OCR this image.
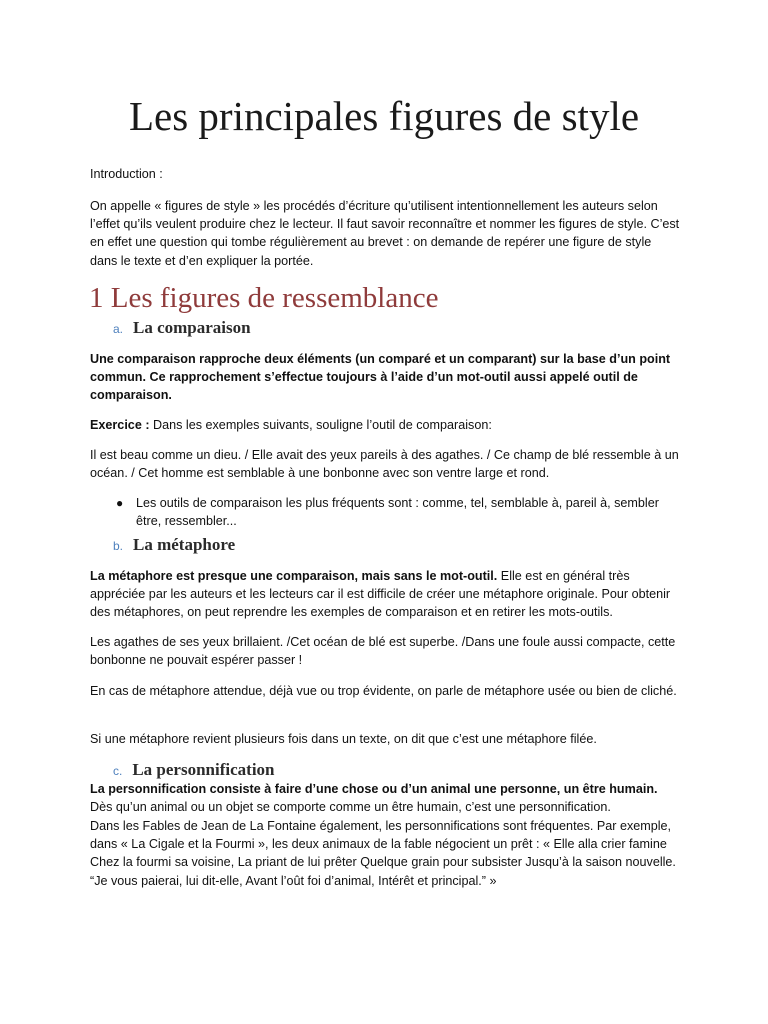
Les principales figures de style

Introduction :

On appelle « figures de style » les procédés d’écriture qu’utilisent intentionnellement les auteurs selon l’effet qu’ils veulent produire chez le lecteur. Il faut savoir reconnaître et nommer les figures de style. C’est en effet une question qui tombe régulièrement au brevet : on demande de repérer une figure de style dans le texte et d’en expliquer la portée.

1 Les figures de ressemblance
a. La comparaison

Une comparaison rapproche deux éléments (un comparé et un comparant) sur la base d’un point commun. Ce rapprochement s’effectue toujours à l’aide d’un mot-outil aussi appelé outil de comparaison.

Exercice : Dans les exemples suivants, souligne l’outil de comparaison:

Il est beau comme un dieu. / Elle avait des yeux pareils à des agathes. / Ce champ de blé ressemble à un océan. / Cet homme est semblable à une bonbonne avec son ventre large et rond.

● Les outils de comparaison les plus fréquents sont : comme, tel, semblable à, pareil à, sembler être, ressembler...

b. La métaphore

La métaphore est presque une comparaison, mais sans le mot-outil. Elle est en général très appréciée par les auteurs et les lecteurs car il est difficile de créer une métaphore originale. Pour obtenir des métaphores, on peut reprendre les exemples de comparaison et en retirer les mots-outils.

Les agathes de ses yeux brillaient. /Cet océan de blé est superbe. /Dans une foule aussi compacte, cette bonbonne ne pouvait espérer passer !

En cas de métaphore attendue, déjà vue ou trop évidente, on parle de métaphore usée ou bien de cliché.

Si une métaphore revient plusieurs fois dans un texte, on dit que c’est une métaphore filée.

c. La personnification

La personnification consiste à faire d’une chose ou d’un animal une personne, un être humain.

Dès qu’un animal ou un objet se comporte comme un être humain, c’est une personnification.

Dans les Fables de Jean de La Fontaine également, les personnifications sont fréquentes. Par exemple, dans « La Cigale et la Fourmi », les deux animaux de la fable négocient un prêt : « Elle alla crier famine Chez la fourmi sa voisine, La priant de lui prêter Quelque grain pour subsister Jusqu’à la saison nouvelle. “Je vous paierai, lui dit-elle, Avant l’oût foi d’animal, Intérêt et principal.” »
